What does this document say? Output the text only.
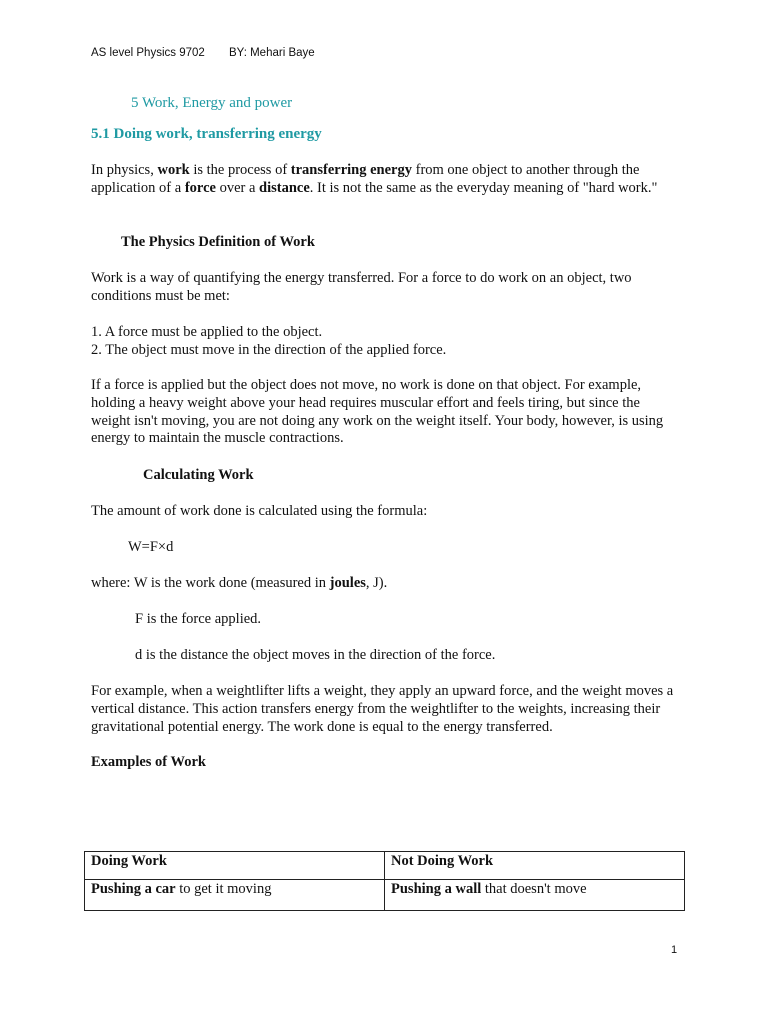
AS level Physics 9702 BY: Mehari Baye
5 Work, Energy and power
5.1 Doing work, transferring energy

In physics, work is the process of transferring energy from one object to another through the application of a force over a distance. It is not the same as the everyday meaning of "hard work."

The Physics Definition of Work

Work is a way of quantifying the energy transferred. For a force to do work on an object, two conditions must be met:

1. A force must be applied to the object.
2. The object must move in the direction of the applied force.

If a force is applied but the object does not move, no work is done on that object. For example, holding a heavy weight above your head requires muscular effort and feels tiring, but since the weight isn't moving, you are not doing any work on the weight itself. Your body, however, is using energy to maintain the muscle contractions.

Calculating Work

The amount of work done is calculated using the formula:

W=F×d

where: W is the work done (measured in joules, J).

F is the force applied.
d is the distance the object moves in the direction of the force.

For example, when a weightlifter lifts a weight, they apply an upward force, and the weight moves a vertical distance. This action transfers energy from the weightlifter to the weights, increasing their gravitational potential energy. The work done is equal to the energy transferred.

Examples of Work
Doing Work	Not Doing Work
Pushing a car to get it moving	Pushing a wall that doesn't move
1
